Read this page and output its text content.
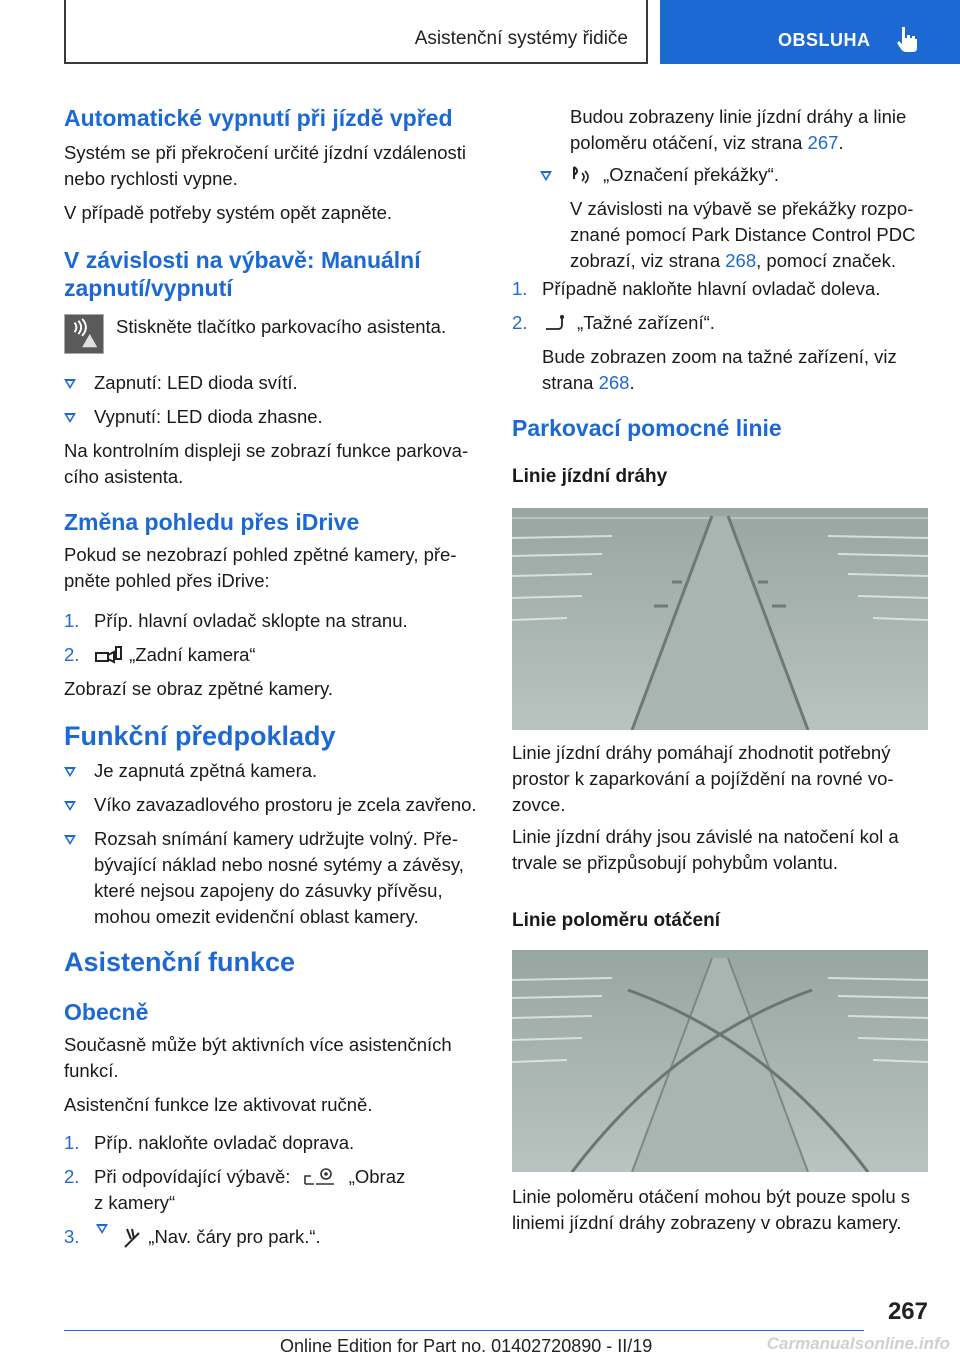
Asistenční systémy řidiče	OBSLUHA
Automatické vypnutí při jízdě vpřed

Systém se při překročení určité jízdní vzdálenosti nebo rychlosti vypne.

V případě potřeby systém opět zapněte.

V závislosti na výbavě: Manuální
zapnutí/vypnutí

Stiskněte tlačítko parkovacího asistenta.

Zapnutí: LED dioda svítí.
Vypnutí: LED dioda zhasne.

Na kontrolním displeji se zobrazí funkce parkova‐

cího asistenta.

Změna pohledu přes iDrive

Pokud se nezobrazí pohled zpětné kamery, pře‐

pněte pohled přes iDrive:

1. Příp. hlavní ovladač sklopte na stranu.
2.	„Zadní kamera“

Zobrazí se obraz zpětné kamery.

Funkční předpoklady
Je zapnutá zpětná kamera.
Víko zavazadlového prostoru je zcela zavřeno.
Rozsah snímání kamery udržujte volný. Pře‐
bývající náklad nebo nosné sytémy a závěsy,
které nejsou zapojeny do zásuvky přívěsu,
mohou omezit evidenční oblast kamery.
Asistenční funkce
Obecně

Současně může být aktivních více asistenčních

funkcí.

Asistenční funkce lze aktivovat ručně.

1. Příp. nakloňte ovladač doprava.
2. Při odpovídající výbavě:	„Obraz
z kamery“
3.	„Nav. čáry pro park.“.

Budou zobrazeny linie jízdní dráhy a linie

poloměru otáčení, viz strana 267.

„Označení překážky“.

V závislosti na výbavě se překážky rozpo‐

znané pomocí Park Distance Control PDC

zobrazí, viz strana 268, pomocí značek.

1. Případně nakloňte hlavní ovladač doleva.
2.	„Tažné zařízení“.
Bude zobrazen zoom na tažné zařízení, viz
strana 268.
Parkovací pomocné linie
Linie jízdní dráhy

Linie jízdní dráhy pomáhají zhodnotit potřebný

prostor k zaparkování a pojíždění na rovné vo‐

zovce.

Linie jízdní dráhy jsou závislé na natočení kol a

trvale se přizpůsobují pohybům volantu.

Linie poloměru otáčení

Linie poloměru otáčení mohou být pouze spolu s

liniemi jízdní dráhy zobrazeny v obrazu kamery.

267
Online Edition for Part no. 01402720890 - II/19	Carmanualsonline.info
